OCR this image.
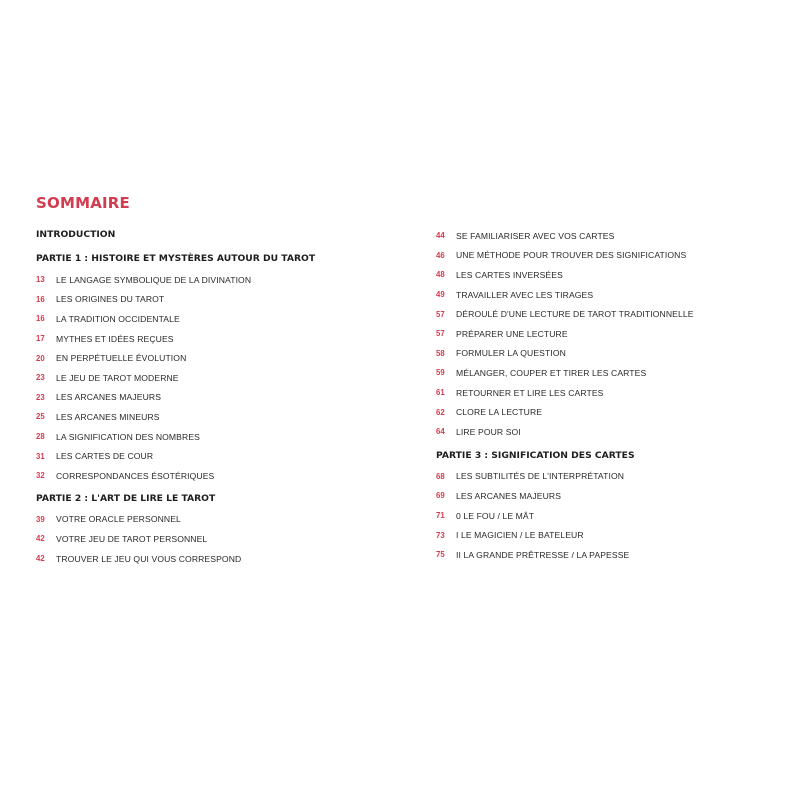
SOMMAIRE
INTRODUCTION
PARTIE 1 : HISTOIRE ET MYSTÈRES AUTOUR DU TAROT
13	LE LANGAGE SYMBOLIQUE DE LA DIVINATION
16	LES ORIGINES DU TAROT
16	LA TRADITION OCCIDENTALE
17	MYTHES ET IDÉES REÇUES
20	EN PERPÉTUELLE ÉVOLUTION
23	LE JEU DE TAROT MODERNE
23	LES ARCANES MAJEURS
25	LES ARCANES MINEURS
28	LA SIGNIFICATION DES NOMBRES
31	LES CARTES DE COUR
32	CORRESPONDANCES ÉSOTÉRIQUES
PARTIE 2 : L'ART DE LIRE LE TAROT
39	VOTRE ORACLE PERSONNEL
42	VOTRE JEU DE TAROT PERSONNEL
42	TROUVER LE JEU QUI VOUS CORRESPOND
44	SE FAMILIARISER AVEC VOS CARTES
46	UNE MÉTHODE POUR TROUVER DES SIGNIFICATIONS
48	LES CARTES INVERSÉES
49	TRAVAILLER AVEC LES TIRAGES
57	DÉROULÉ D'UNE LECTURE DE TAROT TRADITIONNELLE
57	PRÉPARER UNE LECTURE
58	FORMULER LA QUESTION
59	MÉLANGER, COUPER ET TIRER LES CARTES
61	RETOURNER ET LIRE LES CARTES
62	CLORE LA LECTURE
64	LIRE POUR SOI
PARTIE 3 : SIGNIFICATION DES CARTES
68	LES SUBTILITÉS DE L'INTERPRÉTATION
69	LES ARCANES MAJEURS
71	0 LE FOU / LE MÂT
73	I LE MAGICIEN / LE BATELEUR
75	II LA GRANDE PRÊTRESSE / LA PAPESSE
